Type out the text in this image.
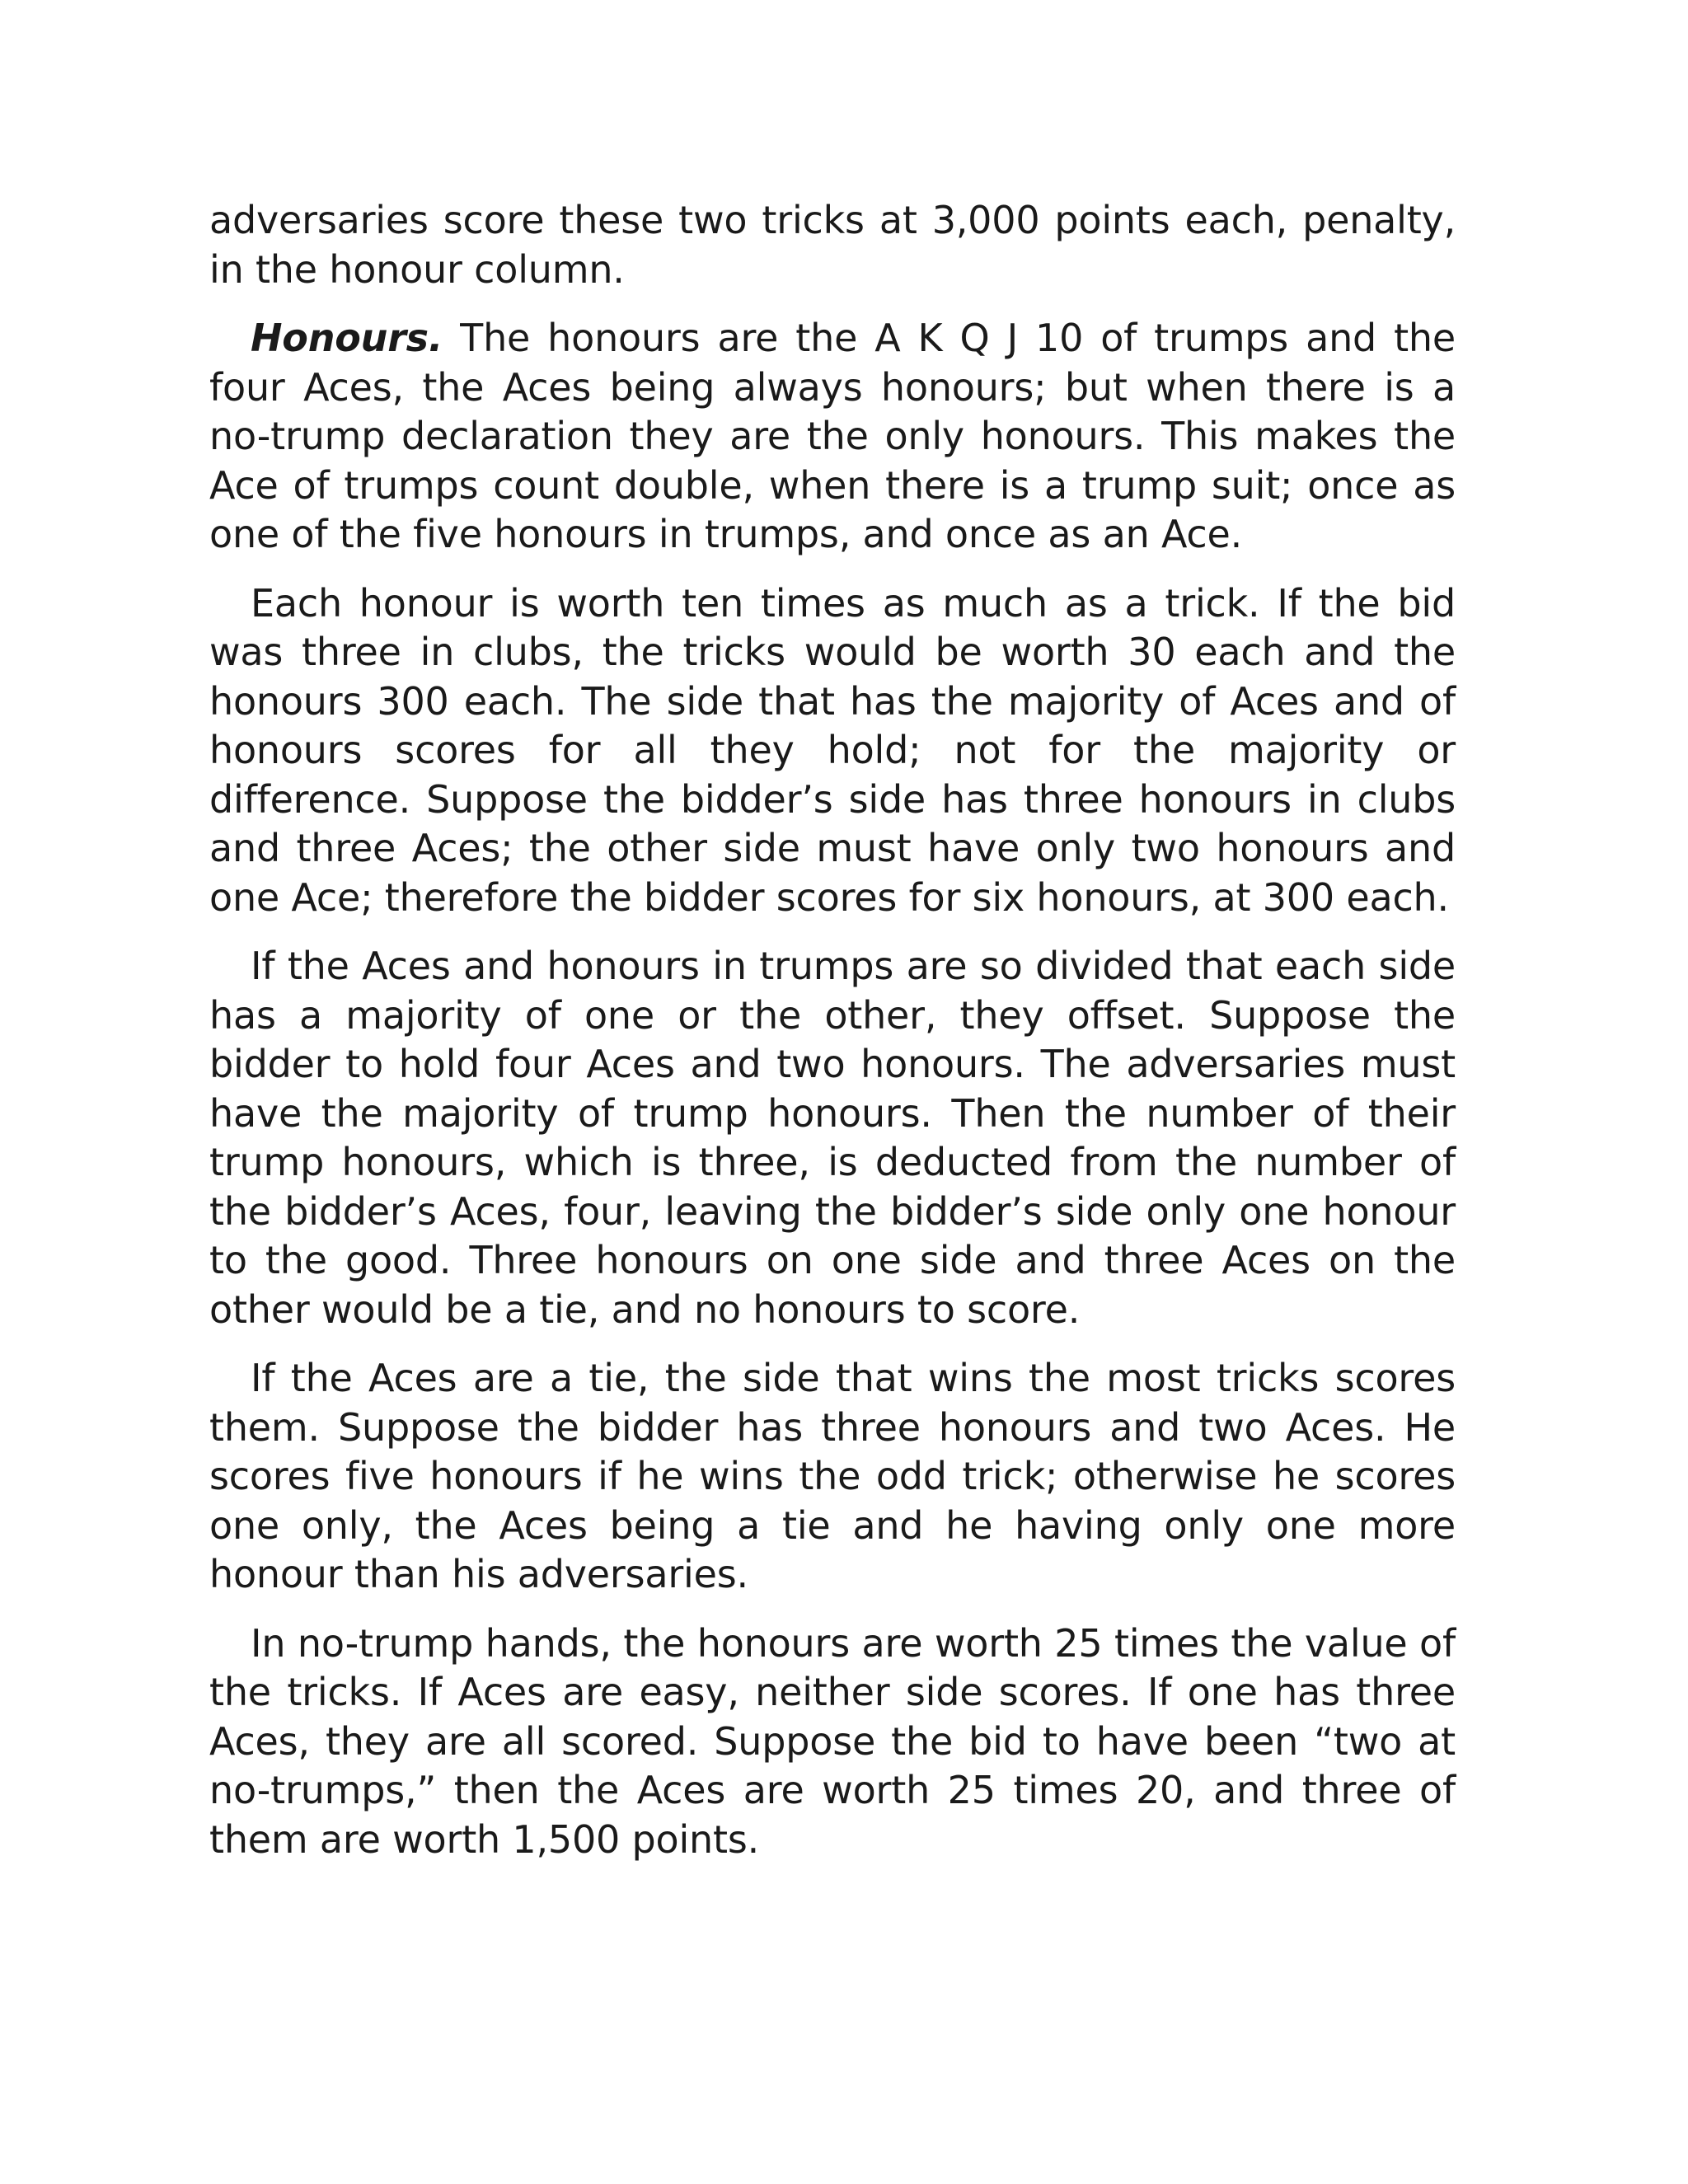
adversaries score these two tricks at 3,000 points each, penalty, in the honour column.

Honours. The honours are the A K Q J 10 of trumps and the four Aces, the Aces being always honours; but when there is a no-trump declaration they are the only honours. This makes the Ace of trumps count double, when there is a trump suit; once as one of the five honours in trumps, and once as an Ace.

Each honour is worth ten times as much as a trick. If the bid was three in clubs, the tricks would be worth 30 each and the honours 300 each. The side that has the majority of Aces and of honours scores for all they hold; not for the majority or difference. Suppose the bidder’s side has three honours in clubs and three Aces; the other side must have only two honours and one Ace; therefore the bidder scores for six honours, at 300 each.

If the Aces and honours in trumps are so divided that each side has a majority of one or the other, they offset. Suppose the bidder to hold four Aces and two honours. The adversaries must have the majority of trump honours. Then the number of their trump honours, which is three, is deducted from the number of the bidder’s Aces, four, leaving the bidder’s side only one honour to the good. Three honours on one side and three Aces on the other would be a tie, and no honours to score.

If the Aces are a tie, the side that wins the most tricks scores them. Suppose the bidder has three honours and two Aces. He scores five honours if he wins the odd trick; otherwise he scores one only, the Aces being a tie and he having only one more honour than his adversaries.

In no-trump hands, the honours are worth 25 times the value of the tricks. If Aces are easy, neither side scores. If one has three Aces, they are all scored. Suppose the bid to have been “two at no-trumps,” then the Aces are worth 25 times 20, and three of them are worth 1,500 points.
